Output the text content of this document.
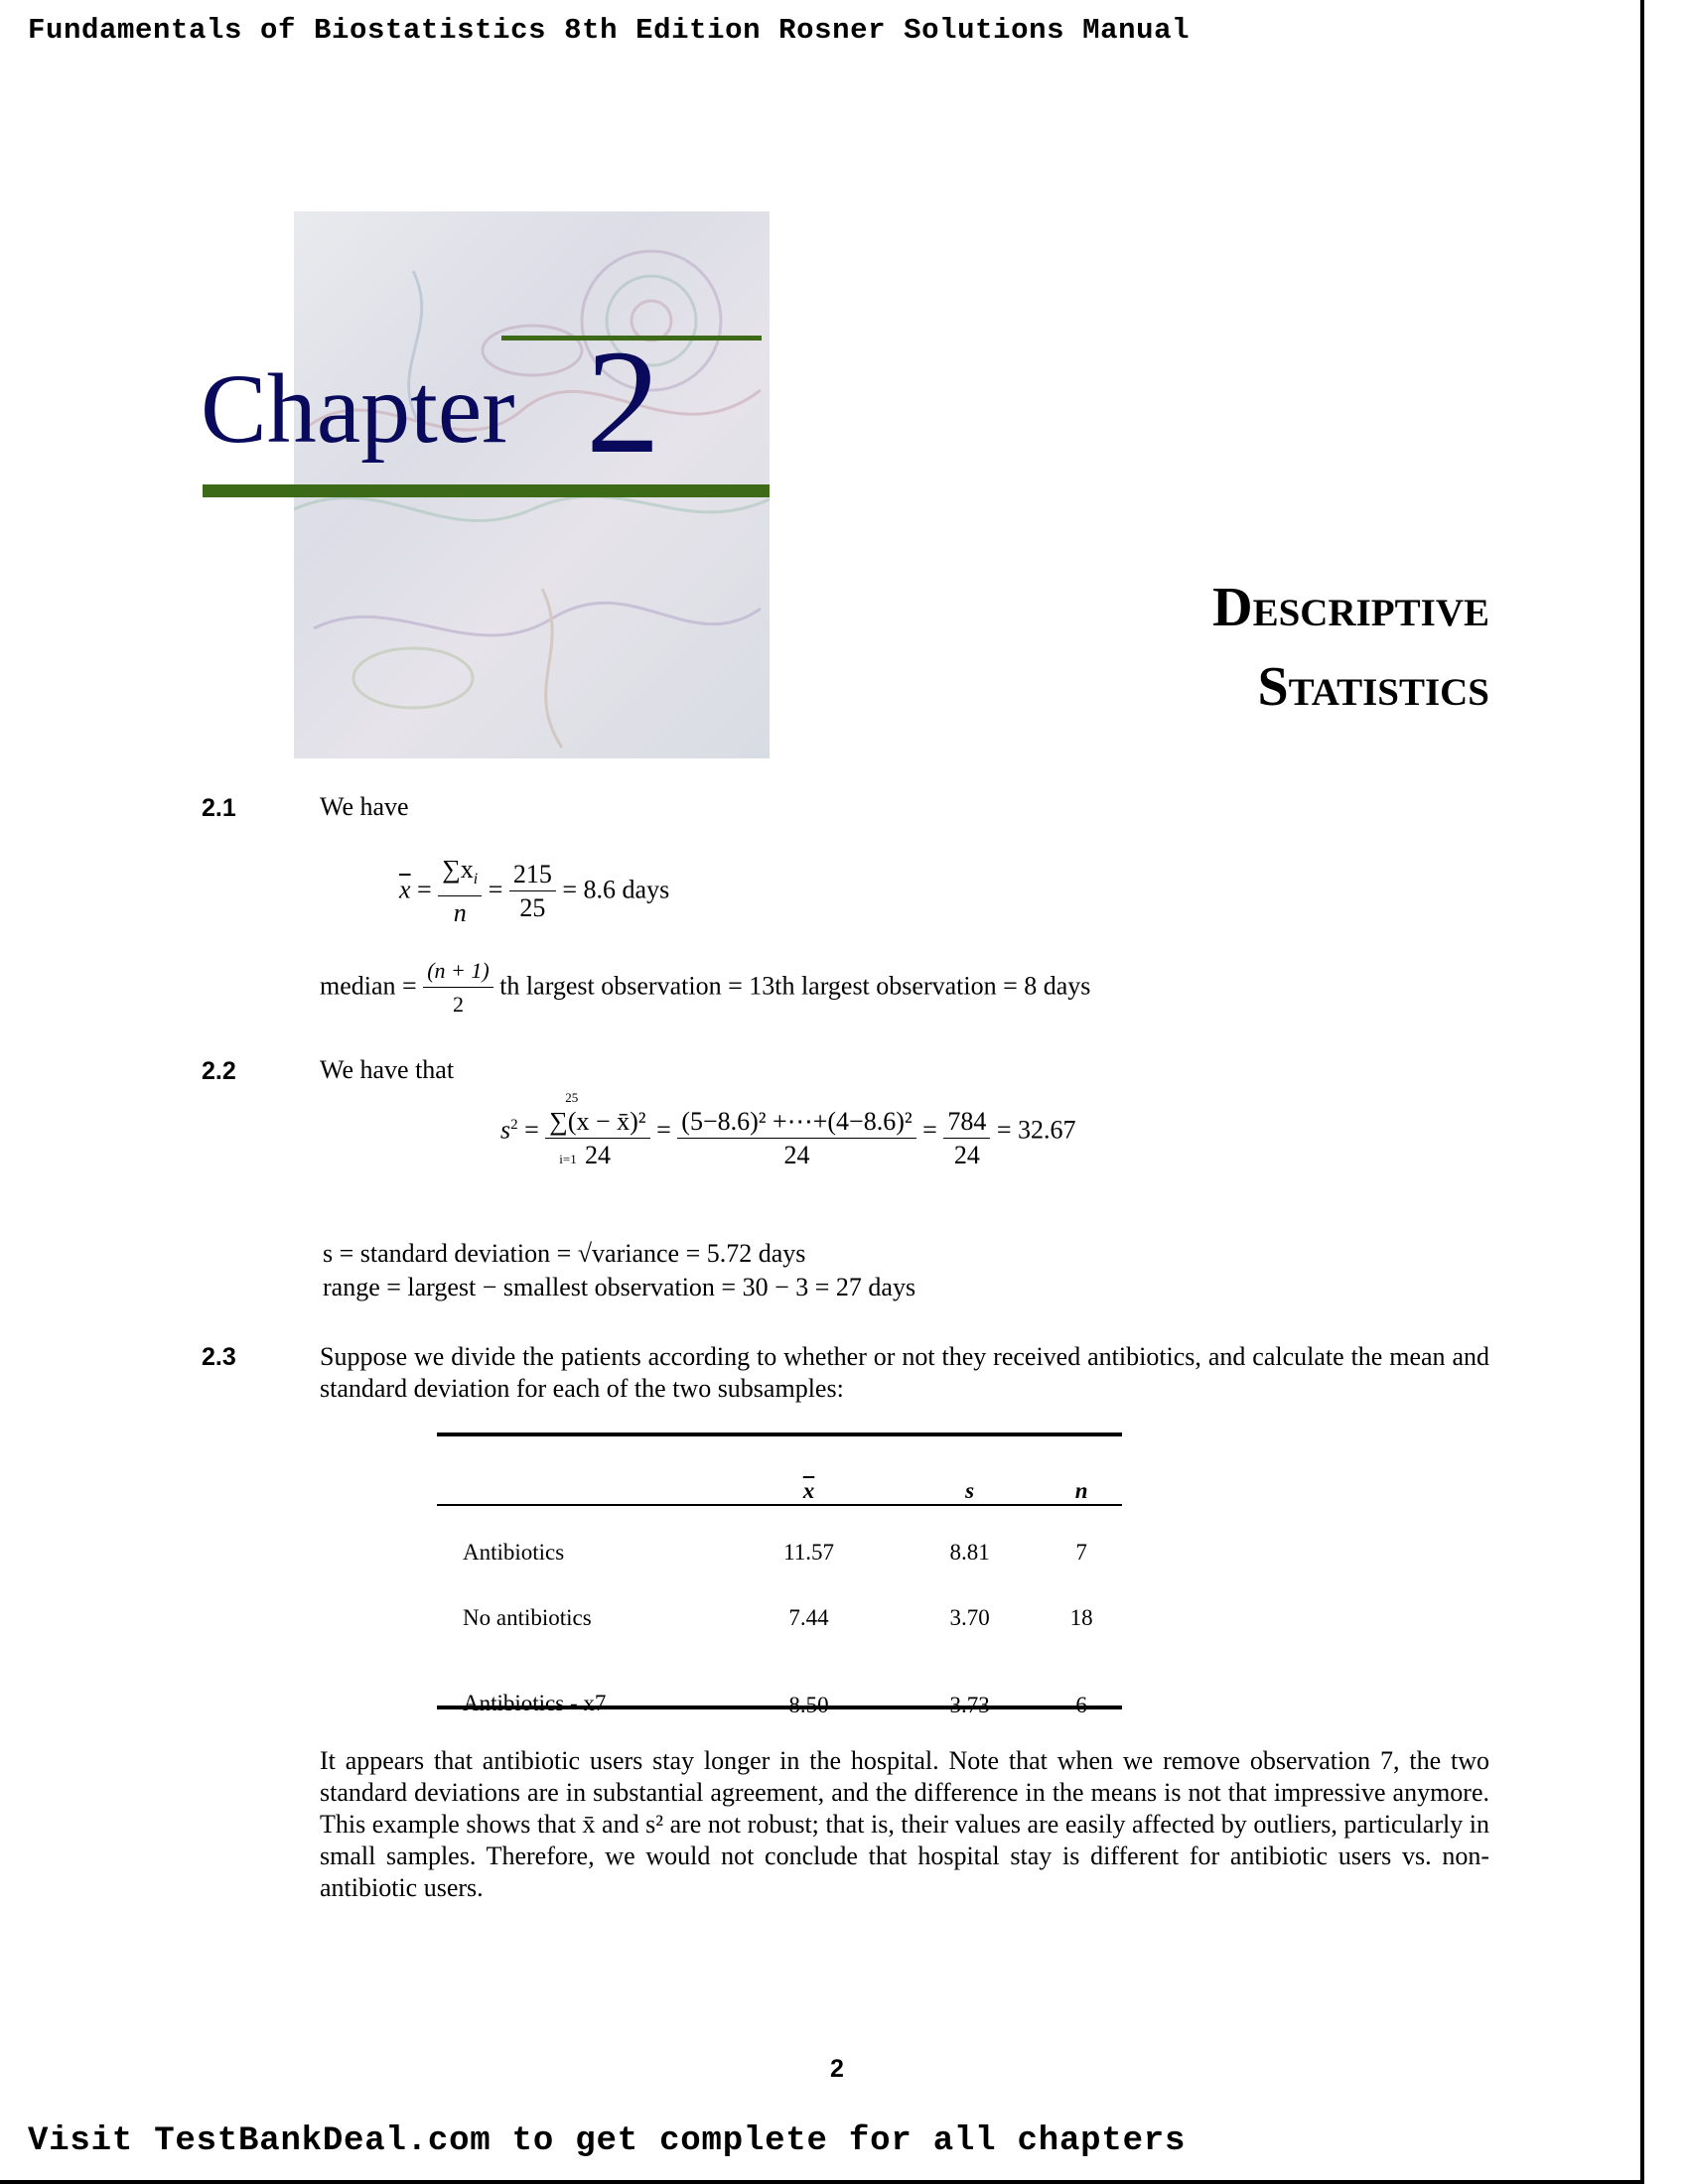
Fundamentals of Biostatistics 8th Edition Rosner Solutions Manual
Chapter 2
Descriptive
Statistics
2.1	We have
$\overline{x} = \frac{\sum x_i}{n} = \frac{215}{25} = 8.6$ days
median = $\frac{(n + 1)}{2}$ th largest observation = 13th largest observation = 8 days
2.2	We have that
$s^2$ =
25
i=1
∑(x − x̄)²
24
= $\frac{\text{(5−8.6)² +⋯+(4−8.6)²}}{24} = \frac{784}{24} = 32.67$
s = standard deviation = √variance = 5.72 days
range = largest − smallest observation = 30 − 3 = 27 days
2.3	Suppose we divide the patients according to whether or not they received antibiotics, and calculate the mean and standard deviation for each of the two subsamples:
	$\overline{x}$	s	n
Antibiotics	11.57	8.81	7
No antibiotics	7.44	3.70	18
Antibiotics - x7	8.50	3.73	6
It appears that antibiotic users stay longer in the hospital. Note that when we remove observation 7, the two standard deviations are in substantial agreement, and the difference in the means is not that impressive anymore. This example shows that x̄ and s² are not robust; that is, their values are easily affected by outliers, particularly in small samples. Therefore, we would not conclude that hospital stay is different for antibiotic users vs. non-antibiotic users.
2
Visit TestBankDeal.com to get complete for all chapters
